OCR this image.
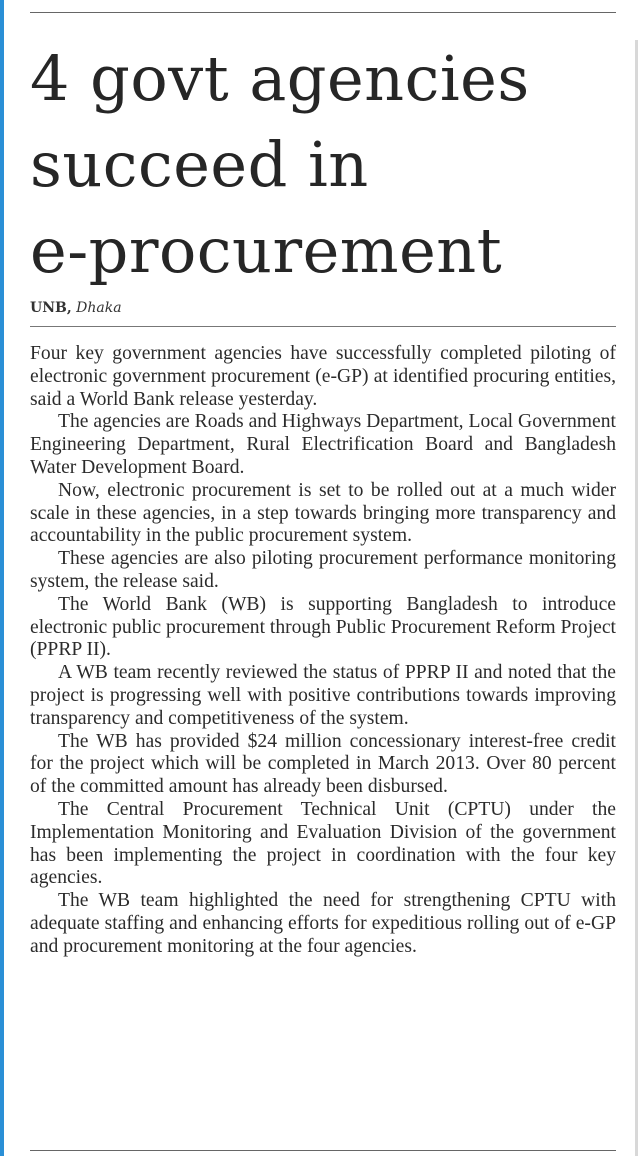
4 govt agencies
succeed in
e-procurement
UNB, Dhaka

Four key government agencies have successfully completed piloting of electronic government procurement (e-GP) at identified procuring entities, said a World Bank release yesterday.

The agencies are Roads and Highways Department, Local Government Engineering Department, Rural Electrification Board and Bangladesh Water Development Board.

Now, electronic procurement is set to be rolled out at a much wider scale in these agencies, in a step towards bringing more transparency and accountability in the public procurement system.

These agencies are also piloting procurement performance monitoring system, the release said.

The World Bank (WB) is supporting Bangladesh to introduce electronic public procurement through Public Procurement Reform Project (PPRP II).

A WB team recently reviewed the status of PPRP II and noted that the project is progressing well with positive contributions towards improving transparency and competitiveness of the system.

The WB has provided $24 million concessionary interest-free credit for the project which will be completed in March 2013. Over 80 percent of the committed amount has already been disbursed.

The Central Procurement Technical Unit (CPTU) under the Implementation Monitoring and Evaluation Division of the government has been implementing the project in coordination with the four key agencies.

The WB team highlighted the need for strengthening CPTU with adequate staffing and enhancing efforts for expeditious rolling out of e-GP and procurement monitoring at the four agencies.
